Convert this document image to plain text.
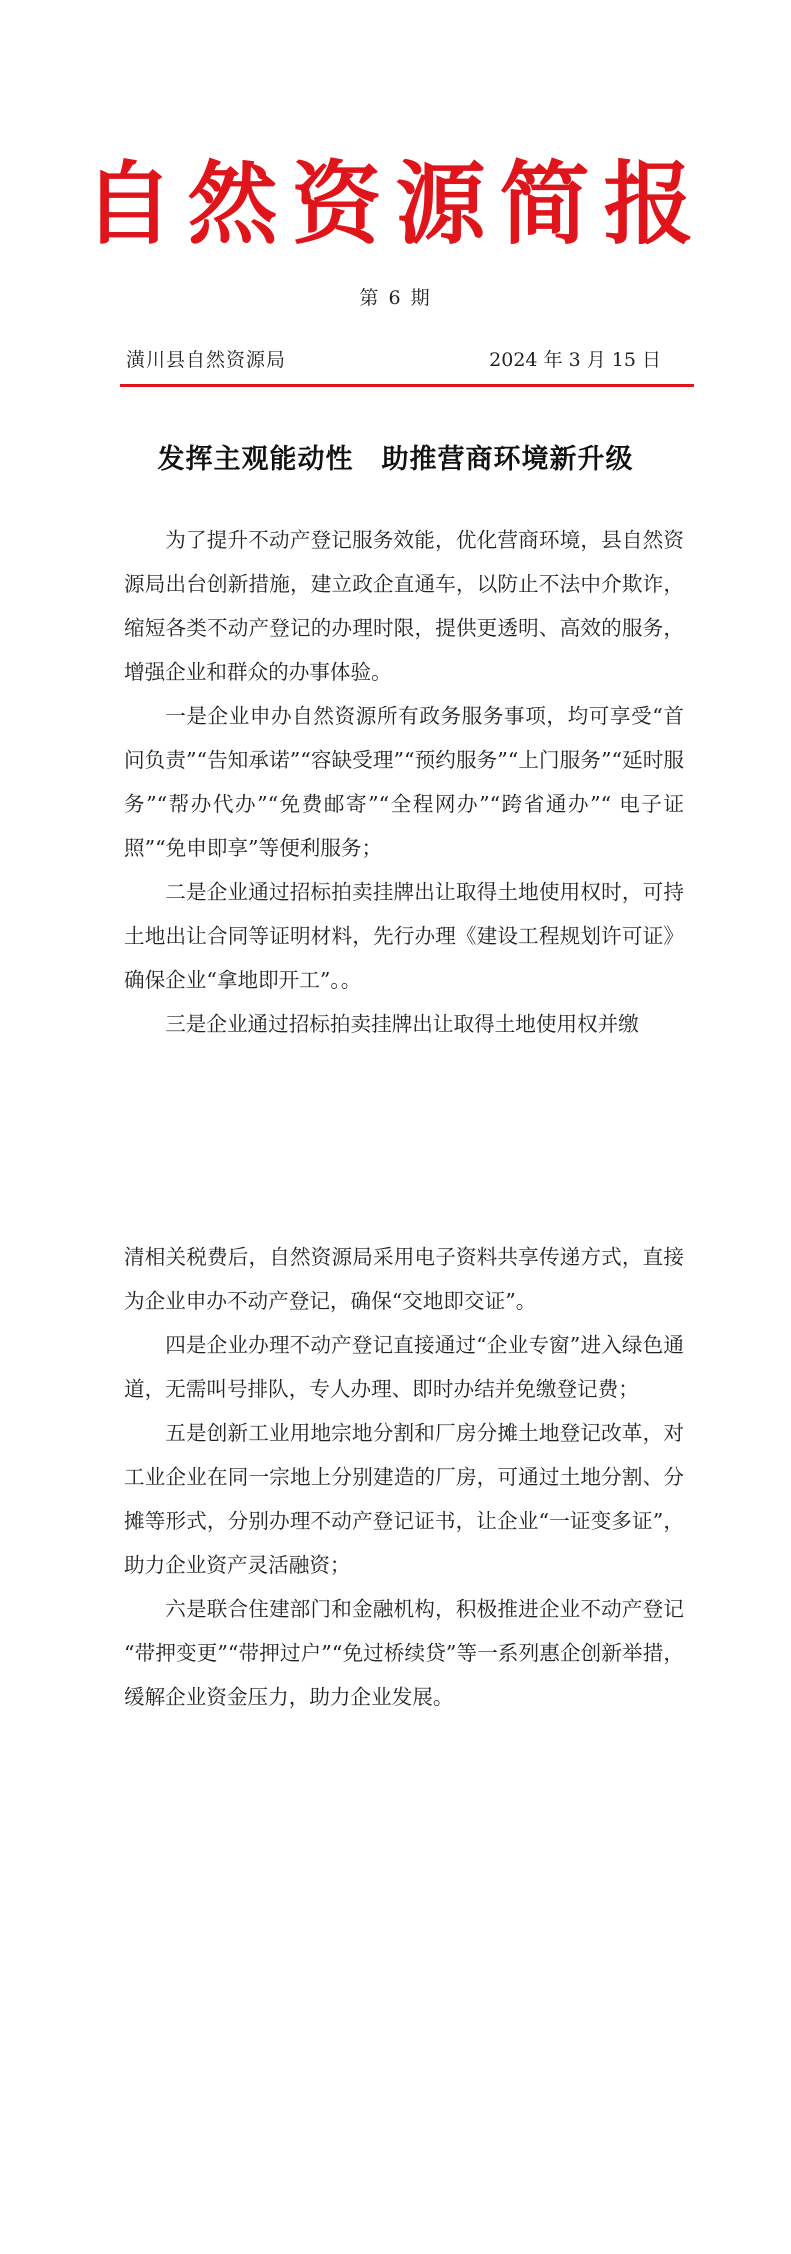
自然资源简报
第 6 期
潢川县自然资源局	2024 年 3 月 15 日
发挥主观能动性　助推营商环境新升级

为了提升不动产登记服务效能，优化营商环境，县自然资源局出台创新措施，建立政企直通车，以防止不法中介欺诈，缩短各类不动产登记的办理时限，提供更透明、高效的服务，增强企业和群众的办事体验。

一是企业申办自然资源所有政务服务事项，均可享受“首问负责”“告知承诺”“容缺受理”“预约服务”“上门服务”“延时服务”“帮办代办”“免费邮寄”“全程网办”“跨省通办”“ 电子证照”“免申即享”等便利服务；

二是企业通过招标拍卖挂牌出让取得土地使用权时，可持土地出让合同等证明材料，先行办理《建设工程规划许可证》确保企业“拿地即开工”。。

三是企业通过招标拍卖挂牌出让取得土地使用权并缴

清相关税费后，自然资源局采用电子资料共享传递方式，直接为企业申办不动产登记，确保“交地即交证”。

四是企业办理不动产登记直接通过“企业专窗”进入绿色通道，无需叫号排队，专人办理、即时办结并免缴登记费；

五是创新工业用地宗地分割和厂房分摊土地登记改革，对工业企业在同一宗地上分别建造的厂房，可通过土地分割、分摊等形式，分别办理不动产登记证书，让企业“一证变多证”，助力企业资产灵活融资；

六是联合住建部门和金融机构，积极推进企业不动产登记 “带押变更”“带押过户”“免过桥续贷”等一系列惠企创新举措，缓解企业资金压力，助力企业发展。
